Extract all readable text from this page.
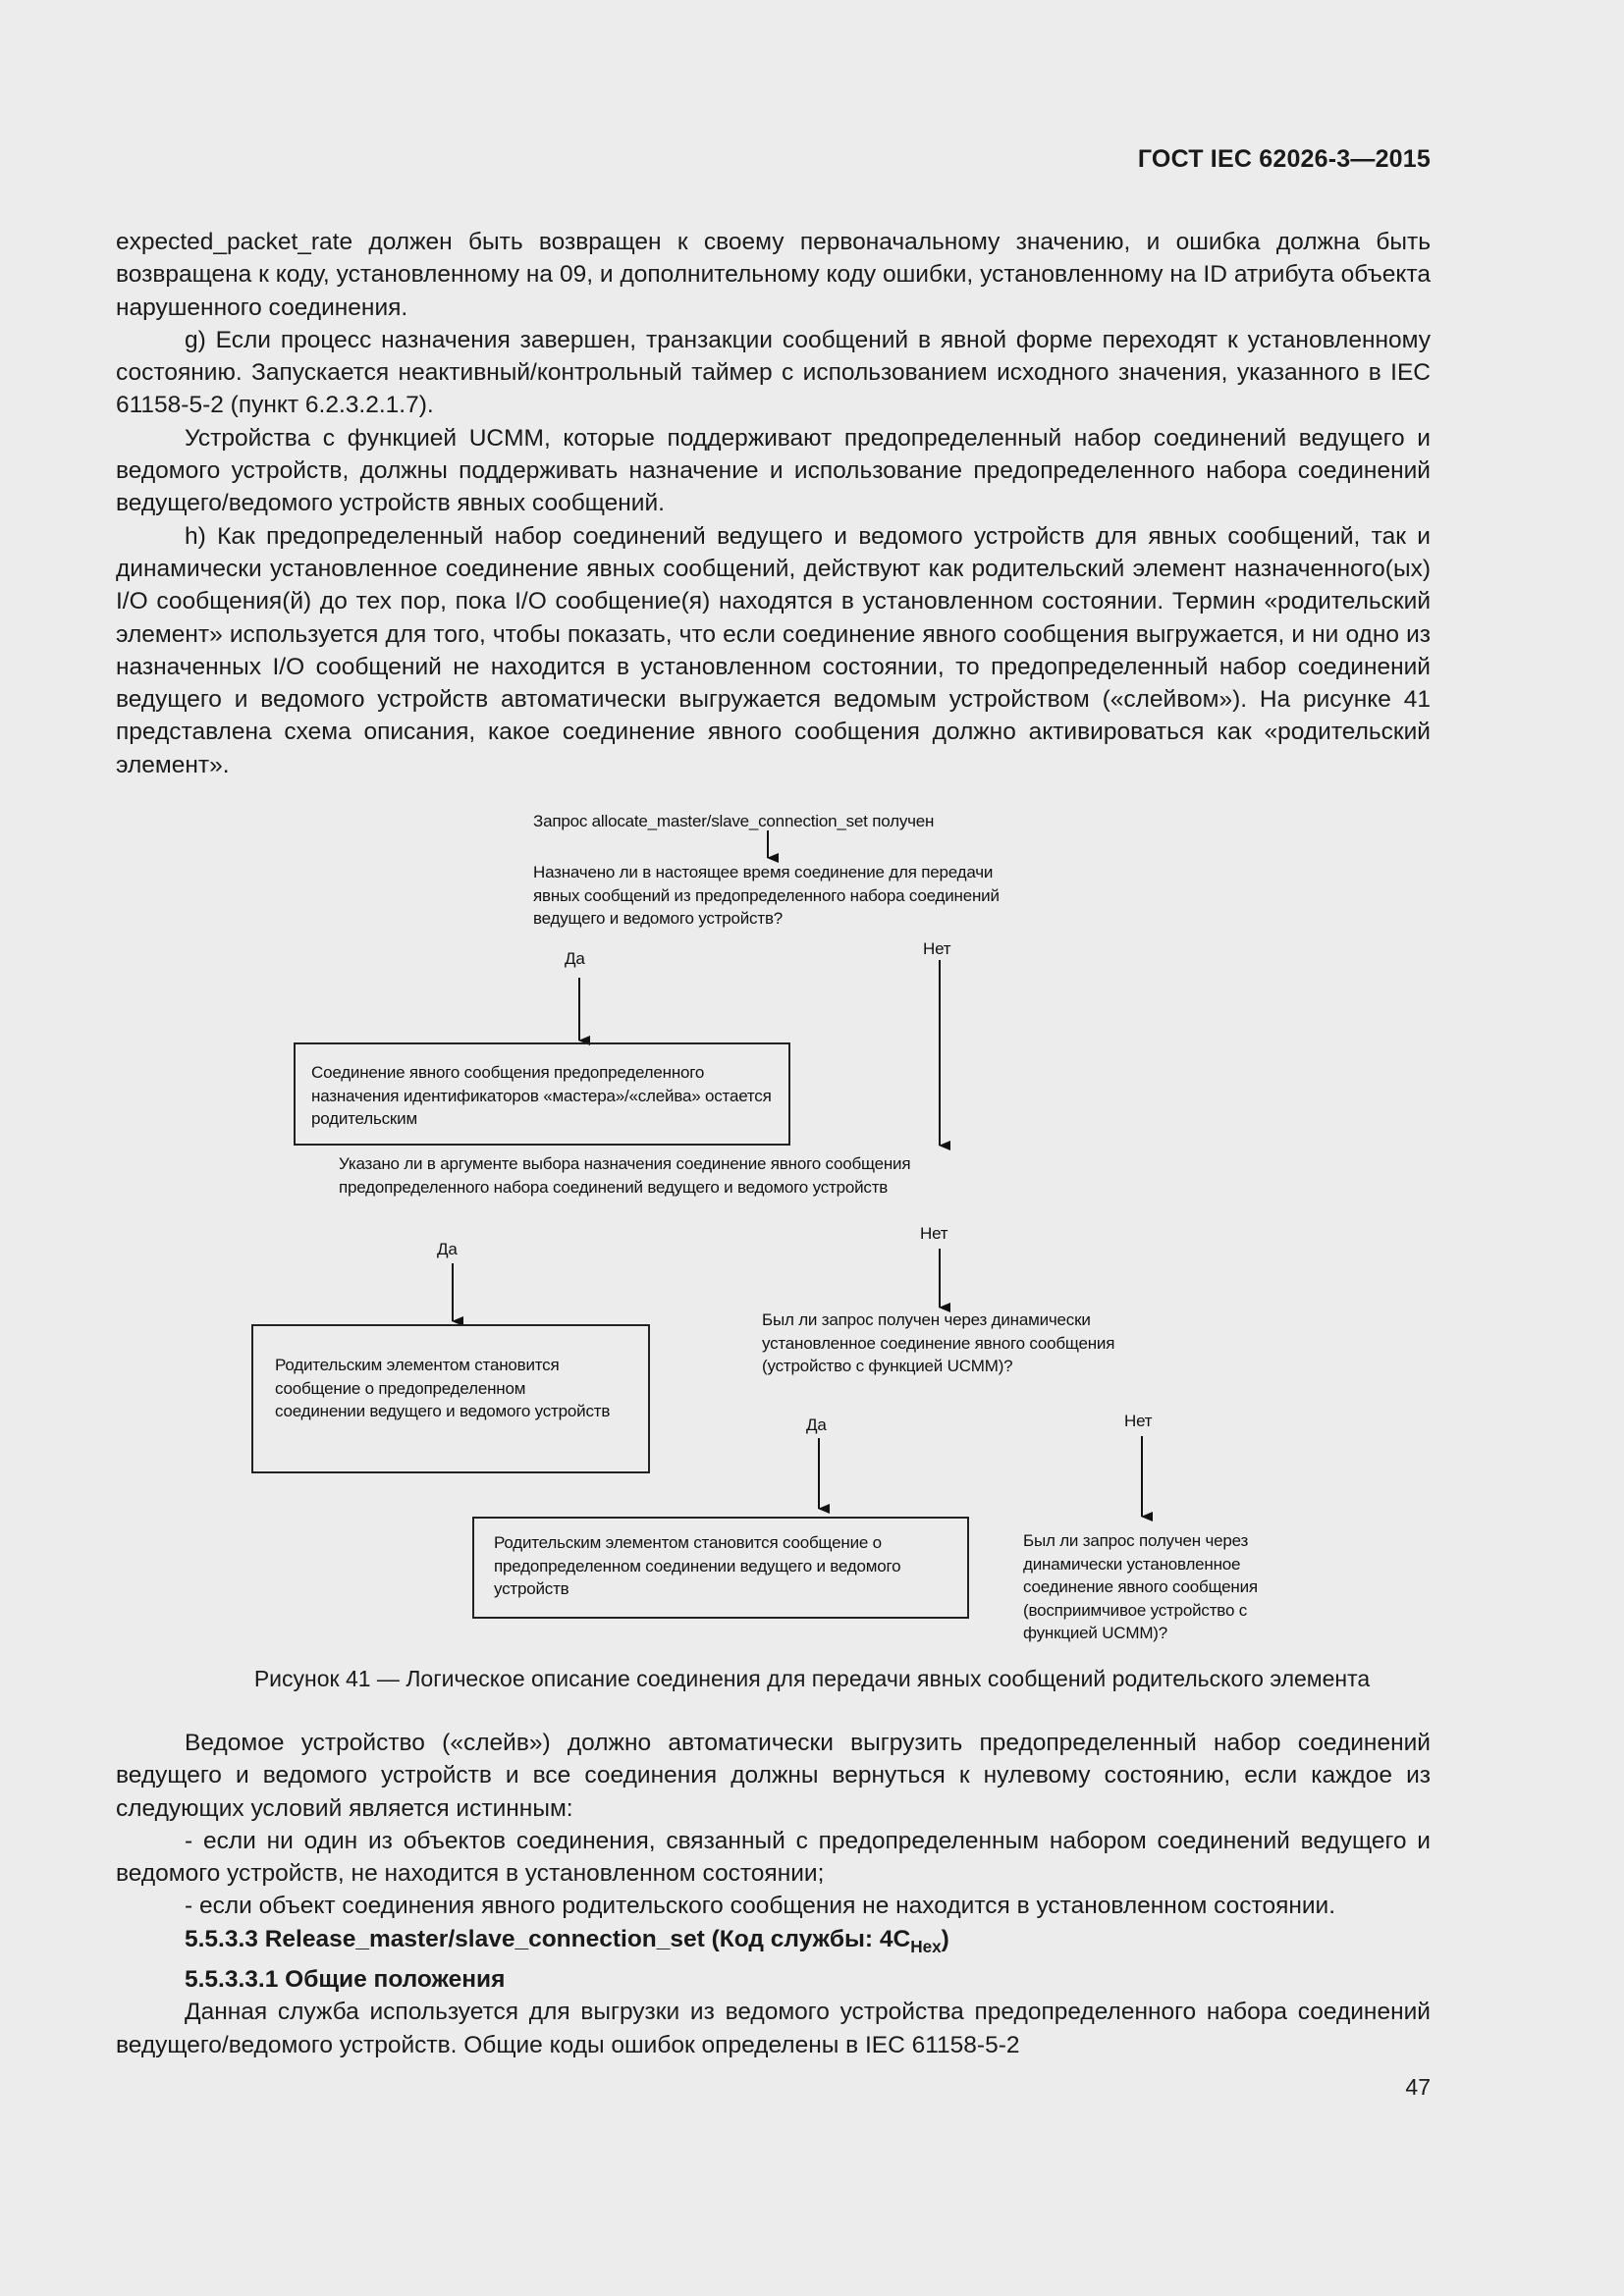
ГОСТ IEC 62026-3—2015

expected_packet_rate должен быть возвращен к своему первоначальному значению, и ошибка должна быть возвращена к коду, установленному на 09, и дополнительному коду ошибки, установленному на ID атрибута объекта нарушенного соединения.

g) Если процесс назначения завершен, транзакции сообщений в явной форме переходят к установленному состоянию. Запускается неактивный/контрольный таймер с использованием исходного значения, указанного в IEC 61158-5-2 (пункт 6.2.3.2.1.7).

Устройства с функцией UCMM, которые поддерживают предопределенный набор соединений ведущего и ведомого устройств, должны поддерживать назначение и использование предопределенного набора соединений ведущего/ведомого устройств явных сообщений.

h) Как предопределенный набор соединений ведущего и ведомого устройств для явных сообщений, так и динамически установленное соединение явных сообщений, действуют как родительский элемент назначенного(ых) I/O сообщения(й) до тех пор, пока I/O сообщение(я) находятся в установленном состоянии. Термин «родительский элемент» используется для того, чтобы показать, что если соединение явного сообщения выгружается, и ни одно из назначенных I/O сообщений не находится в установленном состоянии, то предопределенный набор соединений ведущего и ведомого устройств автоматически выгружается ведомым устройством («слейвом»). На рисунке 41 представлена схема описания, какое соединение явного сообщения должно активироваться как «родительский элемент».

Запрос allocate_master/slave_connection_set получен
Назначено ли в настоящее время соединение для передачи явных сообщений из предопределенного набора соединений ведущего и ведомого устройств?
Да
Нет
Соединение явного сообщения предопределенного назначения идентификаторов «мастера»/«слейва» остается родительским
Указано ли в аргументе выбора назначения соединение явного сообщения предопределенного набора соединений ведущего и ведомого устройств
Да
Нет
Родительским элементом становится сообщение о предопределенном соединении ведущего и ведомого устройств
Был ли запрос получен через динамически установленное соединение явного сообщения (устройство с функцией UCMM)?
Да	Нет
Родительским элементом становится сообщение о предопределенном соединении ведущего и ведомого устройств
Был ли запрос получен через динамически установленное соединение явного сообщения (восприимчивое устройство с функцией UCMM)?
Рисунок 41 — Логическое описание соединения для передачи явных сообщений родительского элемента

Ведомое устройство («слейв») должно автоматически выгрузить предопределенный набор соединений ведущего и ведомого устройств и все соединения должны вернуться к нулевому состоянию, если каждое из следующих условий является истинным:

- если ни один из объектов соединения, связанный с предопределенным набором соединений ведущего и ведомого устройств, не находится в установленном состоянии;

- если объект соединения явного родительского сообщения не находится в установленном состоянии.

5.5.3.3 Release_master/slave_connection_set (Код службы: $4C_{Hex}$)

5.5.3.3.1 Общие положения

Данная служба используется для выгрузки из ведомого устройства предопределенного набора соединений ведущего/ведомого устройств. Общие коды ошибок определены в IEC 61158-5-2

47
